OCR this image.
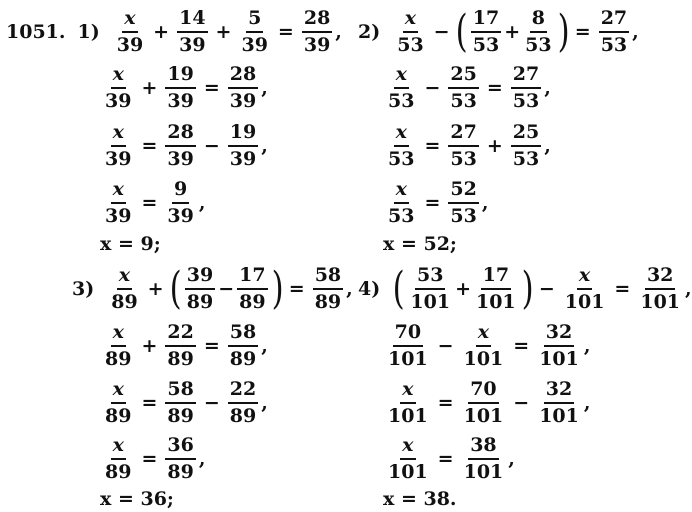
1051. $1) \frac{x}{39} + \frac{14}{39} + \frac{5}{39} = \frac{28}{39}$ ,
$\frac{x}{39} + \frac{19}{39} = \frac{28}{39}$ ,
$\frac{x}{39} = \frac{28}{39} - \frac{19}{39}$ ,
$\frac{x}{39} = \frac{9}{39}$ ,
x = 9;
$2) \frac{x}{53}$ − ( $\frac{17}{53} + \frac{8}{53}$ ) = $\frac{27}{53}$ ,
$\frac{x}{53} - \frac{25}{53} = \frac{27}{53}$ ,
$\frac{x}{53} = \frac{27}{53} + \frac{25}{53}$ ,
$\frac{x}{53} = \frac{52}{53}$ ,
x = 52;
$3) \frac{x}{89}$ + ( $\frac{39}{89} - \frac{17}{89}$ ) = $\frac{58}{89}$ ,
$\frac{x}{89} + \frac{22}{89} = \frac{58}{89}$ ,
$\frac{x}{89} = \frac{58}{89} - \frac{22}{89}$ ,
$\frac{x}{89} = \frac{36}{89}$ ,
x = 36;
4) ( $\frac{53}{101} + \frac{17}{101}$ ) − $\frac{x}{101} = \frac{32}{101}$ ,
$\frac{70}{101} - \frac{x}{101} = \frac{32}{101}$ ,
$\frac{x}{101} = \frac{70}{101} - \frac{32}{101}$ ,
$\frac{x}{101} = \frac{38}{101}$ ,
x = 38.
